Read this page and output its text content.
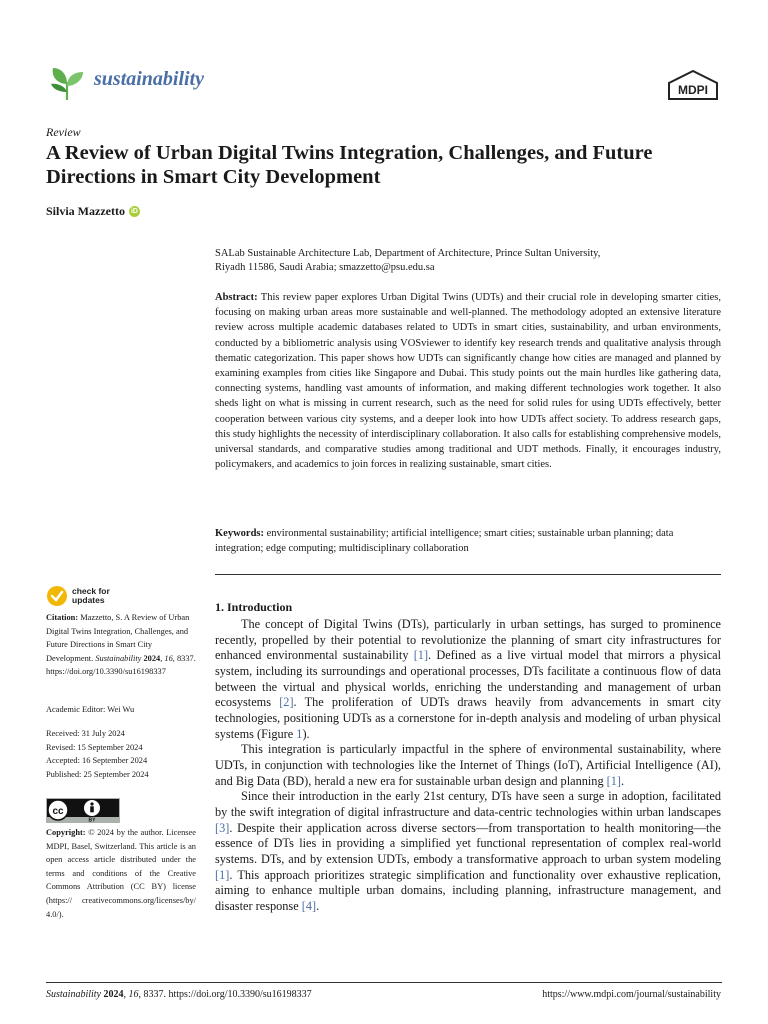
sustainability	MDPI
Review
A Review of Urban Digital Twins Integration, Challenges, and Future Directions in Smart City Development
Silvia Mazzetto iD
SALab Sustainable Architecture Lab, Department of Architecture, Prince Sultan University,
Riyadh 11586, Saudi Arabia; smazzetto@psu.edu.sa

Abstract: This review paper explores Urban Digital Twins (UDTs) and their crucial role in developing smarter cities, focusing on making urban areas more sustainable and well-planned. The methodology adopted an extensive literature review across multiple academic databases related to UDTs in smart cities, sustainability, and urban environments, conducted by a bibliometric analysis using VOSviewer to identify key research trends and qualitative analysis through thematic categorization. This paper shows how UDTs can significantly change how cities are managed and planned by examining examples from cities like Singapore and Dubai. This study points out the main hurdles like gathering data, connecting systems, handling vast amounts of information, and making different technologies work together. It also sheds light on what is missing in current research, such as the need for solid rules for using UDTs effectively, better cooperation between various city systems, and a deeper look into how UDTs affect society. To address research gaps, this study highlights the necessity of interdisciplinary collaboration. It also calls for establishing comprehensive models, universal standards, and comparative studies among traditional and UDT methods. Finally, it encourages industry, policymakers, and academics to join forces in realizing sustainable, smart cities.

Keywords: environmental sustainability; artificial intelligence; smart cities; sustainable urban planning; data integration; edge computing; multidisciplinary collaboration

check for
updates
Citation: Mazzetto, S. A Review of Urban Digital Twins Integration, Challenges, and Future Directions in Smart City Development. Sustainability 2024, 16, 8337. https://doi.org/10.3390/su16198337
Academic Editor: Wei Wu
Received: 31 July 2024
Revised: 15 September 2024
Accepted: 16 September 2024
Published: 25 September 2024
cc
BY
Copyright: © 2024 by the author. Licensee MDPI, Basel, Switzerland. This article is an open access article distributed under the terms and conditions of the Creative Commons Attribution (CC BY) license (https:// creativecommons.org/licenses/by/ 4.0/).
1. Introduction

The concept of Digital Twins (DTs), particularly in urban settings, has surged to prominence recently, propelled by their potential to revolutionize the planning of smart city infrastructures for enhanced environmental sustainability [1]. Defined as a live virtual model that mirrors a physical system, including its surroundings and operational processes, DTs facilitate a continuous flow of data between the virtual and physical worlds, enriching the understanding and management of urban ecosystems [2]. The proliferation of UDTs draws heavily from advancements in smart city technologies, positioning UDTs as a cornerstone for in-depth analysis and modeling of urban physical systems (Figure 1).

This integration is particularly impactful in the sphere of environmental sustainability, where UDTs, in conjunction with technologies like the Internet of Things (IoT), Artificial Intelligence (AI), and Big Data (BD), herald a new era for sustainable urban design and planning [1].

Since their introduction in the early 21st century, DTs have seen a surge in adoption, facilitated by the swift integration of digital infrastructure and data-centric technologies within urban landscapes [3]. Despite their application across diverse sectors—from transportation to health monitoring—the essence of DTs lies in providing a simplified yet functional representation of complex real-world systems. DTs, and by extension UDTs, embody a transformative approach to urban system modeling [1]. This approach prioritizes strategic simplification and functionality over exhaustive replication, aiming to enhance multiple urban domains, including planning, infrastructure management, and disaster response [4].

Sustainability 2024, 16, 8337. https://doi.org/10.3390/su16198337	https://www.mdpi.com/journal/sustainability
